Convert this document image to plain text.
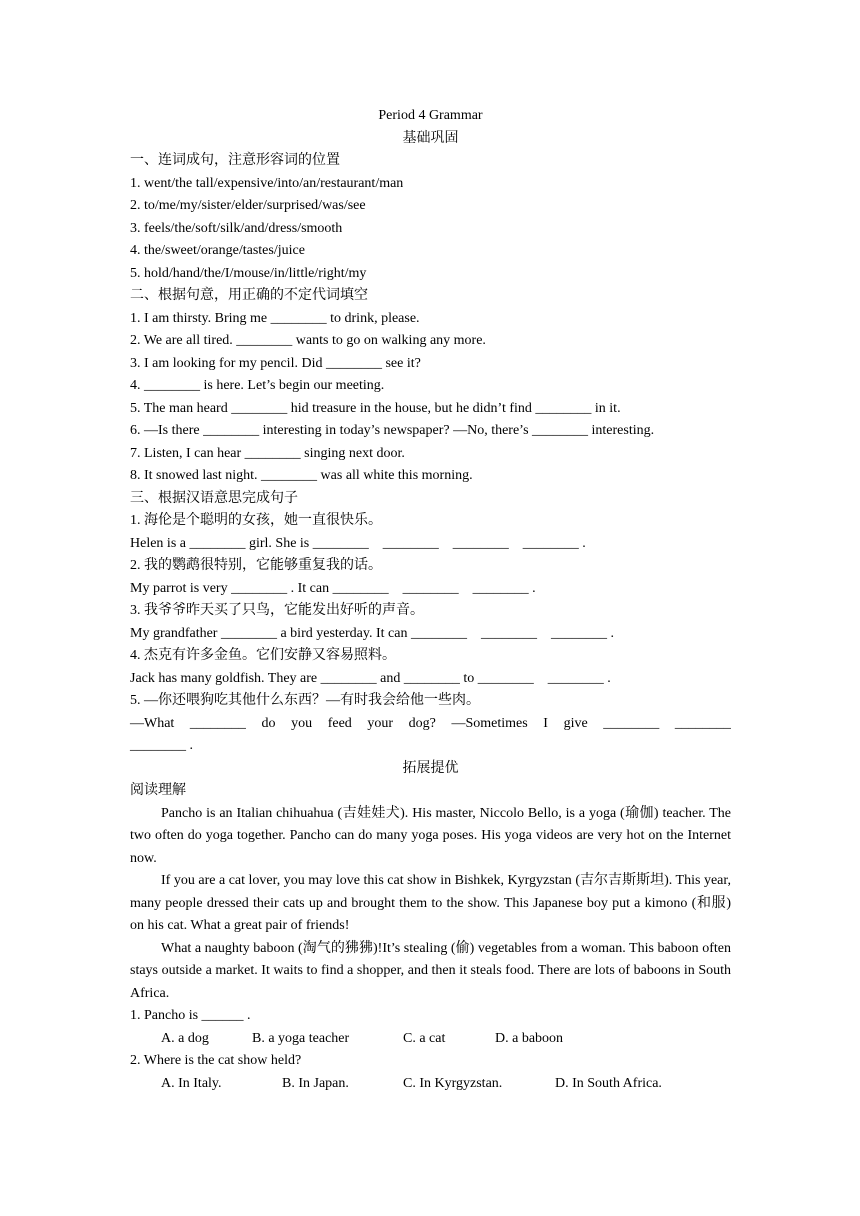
Period 4 Grammar
基础巩固
一、连词成句，注意形容词的位置
1. went/the tall/expensive/into/an/restaurant/man
2. to/me/my/sister/elder/surprised/was/see
3. feels/the/soft/silk/and/dress/smooth
4. the/sweet/orange/tastes/juice
5. hold/hand/the/I/mouse/in/little/right/my
二、根据句意，用正确的不定代词填空
1. I am thirsty. Bring me ________ to drink, please.
2. We are all tired. ________ wants to go on walking any more.
3. I am looking for my pencil. Did ________ see it?
4. ________ is here. Let’s begin our meeting.
5. The man heard ________ hid treasure in the house, but he didn’t find ________ in it.
6. —Is there ________ interesting in today’s newspaper? —No, there’s ________ interesting.
7. Listen, I can hear ________ singing next door.
8. It snowed last night. ________ was all white this morning.
三、根据汉语意思完成句子
1. 海伦是个聪明的女孩，她一直很快乐。
Helen is a ________ girl. She is ________    ________    ________    ________ .
2. 我的鹦鹉很特别，它能够重复我的话。
My parrot is very ________ . It can ________    ________    ________ .
3. 我爷爷昨天买了只鸟，它能发出好听的声音。
My grandfather ________ a bird yesterday. It can ________    ________    ________ .
4. 杰克有许多金鱼。它们安静又容易照料。
Jack has many goldfish. They are ________ and ________ to ________    ________ .
5. —你还喂狗吃其他什么东西？—有时我会给他一些肉。
—What ________ do you feed your dog? —Sometimes I give ________ ________
________ .
拓展提优
阅读理解
Pancho is an Italian chihuahua (吉娃娃犬). His master, Niccolo Bello, is a yoga (瑜伽) teacher. The two often do yoga together. Pancho can do many yoga poses. His yoga videos are very hot on the Internet now.
If you are a cat lover, you may love this cat show in Bishkek, Kyrgyzstan (吉尔吉斯斯坦). This year, many people dressed their cats up and brought them to the show. This Japanese boy put a kimono (和服) on his cat. What a great pair of friends!
What a naughty baboon (淘气的狒狒)!It’s stealing (偷) vegetables from a woman. This baboon often stays outside a market. It waits to find a shopper, and then it steals food. There are lots of baboons in South Africa.
1. Pancho is ______ .
A. a dog	B. a yoga teacher	C. a cat	D. a baboon
2. Where is the cat show held?
A. In Italy.	B. In Japan.	C. In Kyrgyzstan.	D. In South Africa.
